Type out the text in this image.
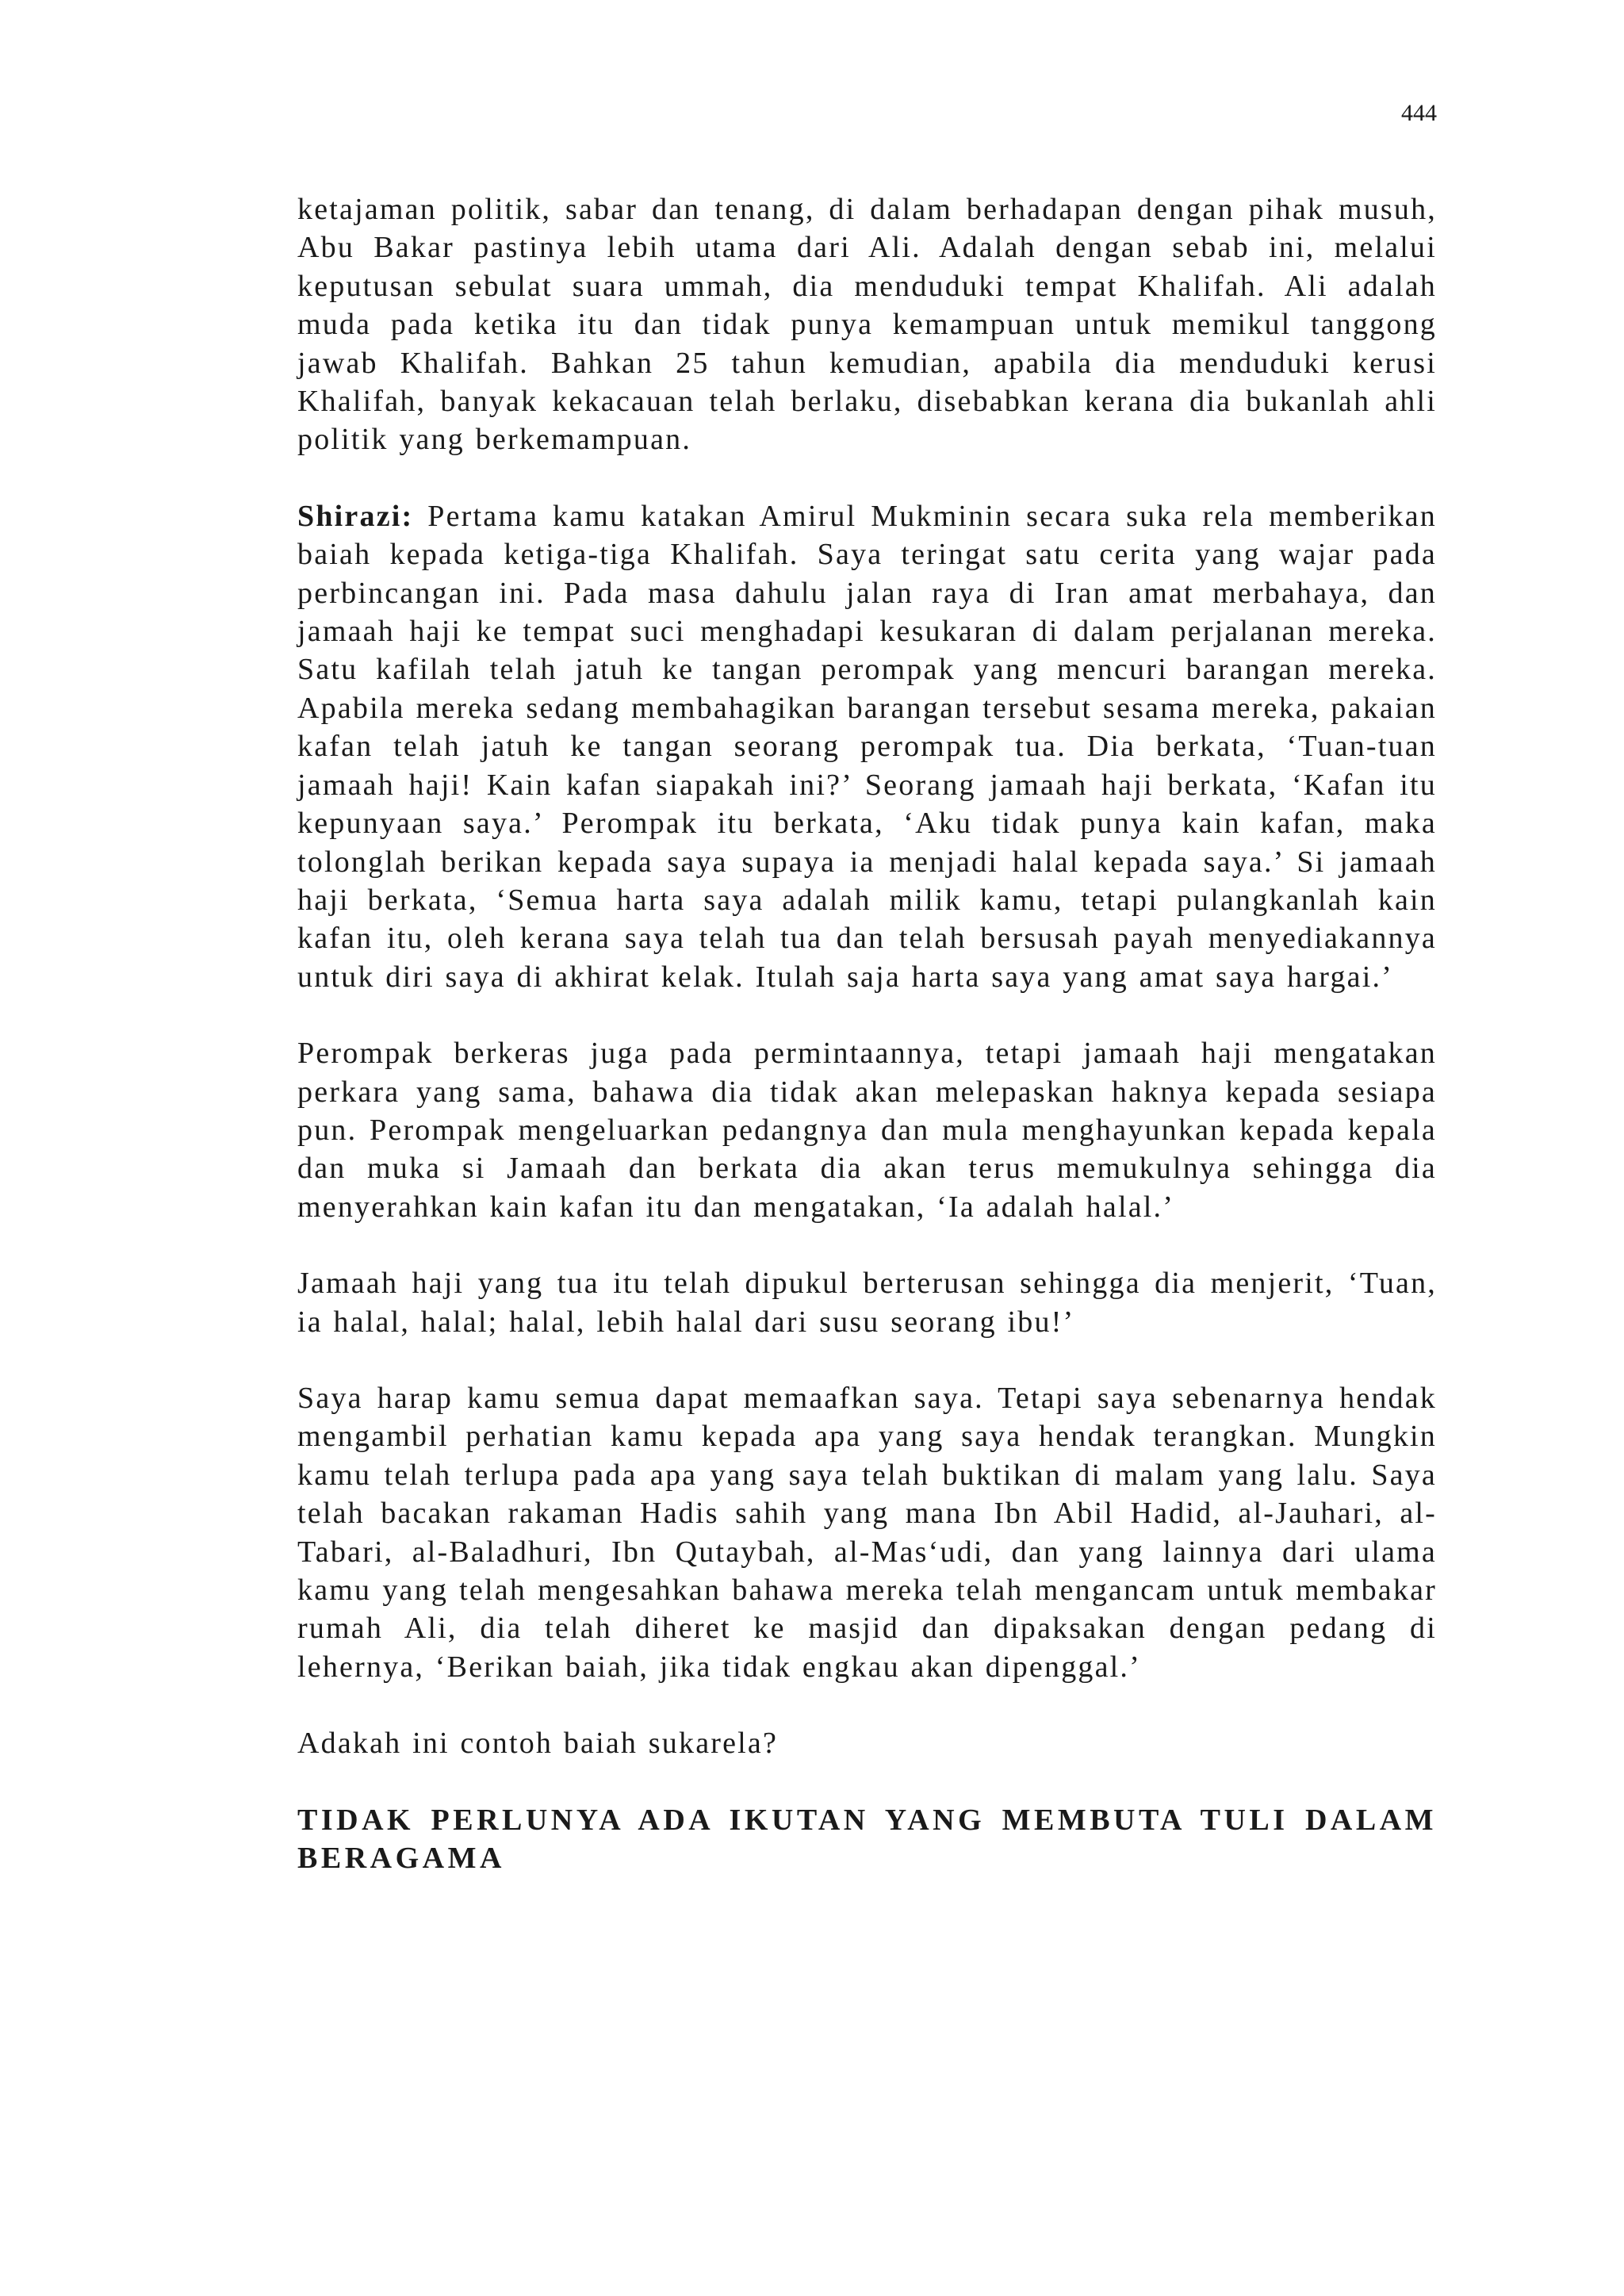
444

ketajaman politik, sabar dan tenang, di dalam berhadapan dengan pihak musuh, Abu Bakar pastinya lebih utama dari Ali. Adalah dengan sebab ini, melalui keputusan sebulat suara ummah, dia menduduki tempat Khalifah. Ali adalah muda pada ketika itu dan tidak punya kemampuan untuk memikul tanggong jawab Khalifah. Bahkan 25 tahun kemudian, apabila dia menduduki kerusi Khalifah, banyak kekacauan telah berlaku, disebabkan kerana dia bukanlah ahli politik yang berkemampuan.

Shirazi: Pertama kamu katakan Amirul Mukminin secara suka rela memberikan baiah kepada ketiga-tiga Khalifah. Saya teringat satu cerita yang wajar pada perbincangan ini. Pada masa dahulu jalan raya di Iran amat merbahaya, dan jamaah haji ke tempat suci menghadapi kesukaran di dalam perjalanan mereka. Satu kafilah telah jatuh ke tangan perompak yang mencuri barangan mereka. Apabila mereka sedang membahagikan barangan tersebut sesama mereka, pakaian kafan telah jatuh ke tangan seorang perompak tua. Dia berkata, ‘Tuan-tuan jamaah haji! Kain kafan siapakah ini?’ Seorang jamaah haji berkata, ‘Kafan itu kepunyaan saya.’ Perompak itu berkata, ‘Aku tidak punya kain kafan, maka tolonglah berikan kepada saya supaya ia menjadi halal kepada saya.’ Si jamaah haji berkata, ‘Semua harta saya adalah milik kamu, tetapi pulangkanlah kain kafan itu, oleh kerana saya telah tua dan telah bersusah payah menyediakannya untuk diri saya di akhirat kelak. Itulah saja harta saya yang amat saya hargai.’

Perompak berkeras juga pada permintaannya, tetapi jamaah haji mengatakan perkara yang sama, bahawa dia tidak akan melepaskan haknya kepada sesiapa pun. Perompak mengeluarkan pedangnya dan mula menghayunkan kepada kepala dan muka si Jamaah dan berkata dia akan terus memukulnya sehingga dia menyerahkan kain kafan itu dan mengatakan, ‘Ia adalah halal.’

Jamaah haji yang tua itu telah dipukul berterusan sehingga dia menjerit, ‘Tuan, ia halal, halal; halal, lebih halal dari susu seorang ibu!’

Saya harap kamu semua dapat memaafkan saya. Tetapi saya sebenarnya hendak mengambil perhatian kamu kepada apa yang saya hendak terangkan. Mungkin kamu telah terlupa pada apa yang saya telah buktikan di malam yang lalu. Saya telah bacakan rakaman Hadis sahih yang mana Ibn Abil Hadid, al-Jauhari, al-Tabari, al-Baladhuri, Ibn Qutaybah, al-Mas‘udi, dan yang lainnya dari ulama kamu yang telah mengesahkan bahawa mereka telah mengancam untuk membakar rumah Ali, dia telah diheret ke masjid dan dipaksakan dengan pedang di lehernya, ‘Berikan baiah, jika tidak engkau akan dipenggal.’

Adakah ini contoh baiah sukarela?

TIDAK PERLUNYA ADA IKUTAN YANG MEMBUTA TULI DALAM BERAGAMA
